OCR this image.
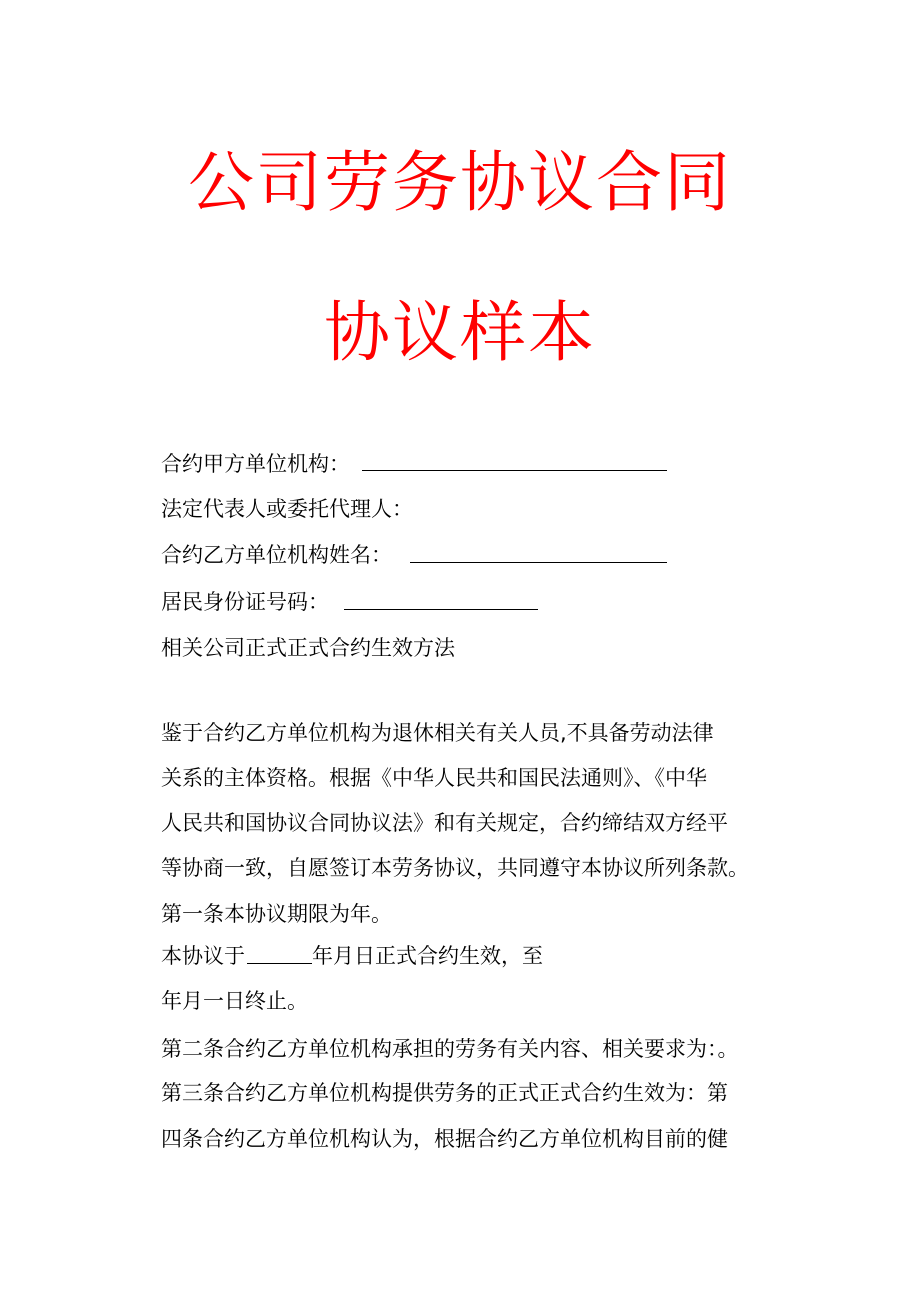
公司劳务协议合同
协议样本
合约甲方单位机构：
法定代表人或委托代理人：
合约乙方单位机构姓名：
居民身份证号码：
相关公司正式正式合约生效方法
鉴于合约乙方单位机构为退休相关有关人员,不具备劳动法律
关系的主体资格。根据《中华人民共和国民法通则》、《中华
人民共和国协议合同协议法》和有关规定，合约缔结双方经平
等协商一致，自愿签订本劳务协议，共同遵守本协议所列条款。
第一条本协议期限为年。
本协议于	年月日正式合约生效，至
年月一日终止。
第二条合约乙方单位机构承担的劳务有关内容、相关要求为：。
第三条合约乙方单位机构提供劳务的正式正式合约生效为：第
四条合约乙方单位机构认为，根据合约乙方单位机构目前的健
